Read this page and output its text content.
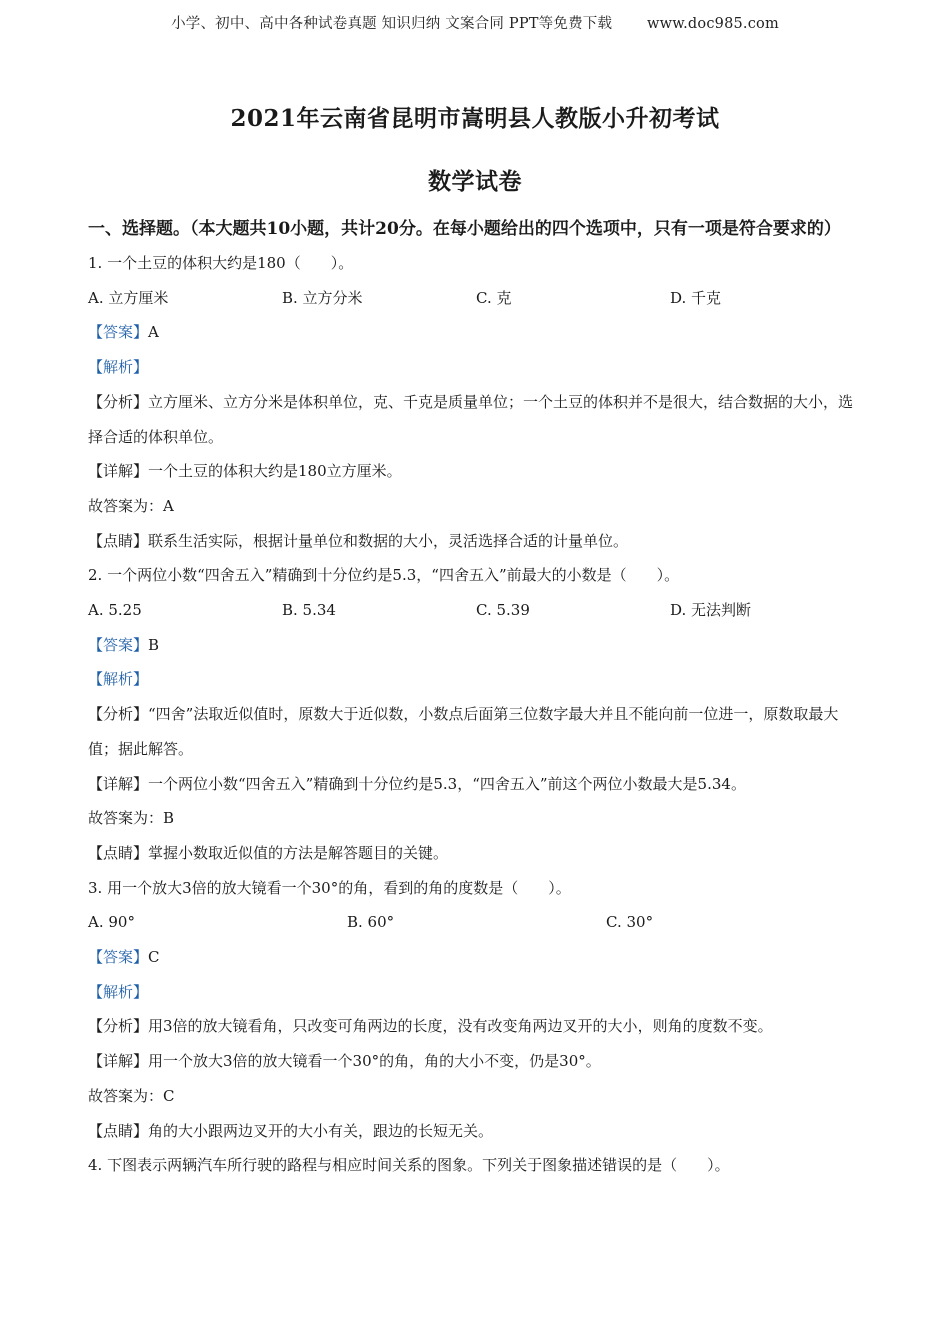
小学、初中、高中各种试卷真题 知识归纳 文案合同 PPT等免费下载 www.doc985.com
2021年云南省昆明市嵩明县人教版小升初考试
数学试卷

一、选择题。（本大题共10小题，共计20分。在每小题给出的四个选项中，只有一项是符合要求的）

1. 一个土豆的体积大约是180（　　）。

A. 立方厘米	B. 立方分米	C. 克	D. 千克

【答案】A

【解析】

【分析】立方厘米、立方分米是体积单位，克、千克是质量单位；一个土豆的体积并不是很大，结合数据的大小，选择合适的体积单位。

【详解】一个土豆的体积大约是180立方厘米。

故答案为：A

【点睛】联系生活实际，根据计量单位和数据的大小，灵活选择合适的计量单位。

2. 一个两位小数“四舍五入”精确到十分位约是5.3，“四舍五入”前最大的小数是（　　）。

A. 5.25	B. 5.34	C. 5.39	D. 无法判断

【答案】B

【解析】

【分析】“四舍”法取近似值时，原数大于近似数，小数点后面第三位数字最大并且不能向前一位进一，原数取最大值；据此解答。

【详解】一个两位小数“四舍五入”精确到十分位约是5.3，“四舍五入”前这个两位小数最大是5.34。

故答案为：B

【点睛】掌握小数取近似值的方法是解答题目的关键。

3. 用一个放大3倍的放大镜看一个30°的角，看到的角的度数是（　　）。

A. 90°	B. 60°	C. 30°

【答案】C

【解析】

【分析】用3倍的放大镜看角，只改变可角两边的长度，没有改变角两边叉开的大小，则角的度数不变。

【详解】用一个放大3倍的放大镜看一个30°的角，角的大小不变，仍是30°。

故答案为：C

【点睛】角的大小跟两边叉开的大小有关，跟边的长短无关。

4. 下图表示两辆汽车所行驶的路程与相应时间关系的图象。下列关于图象描述错误的是（　　）。
